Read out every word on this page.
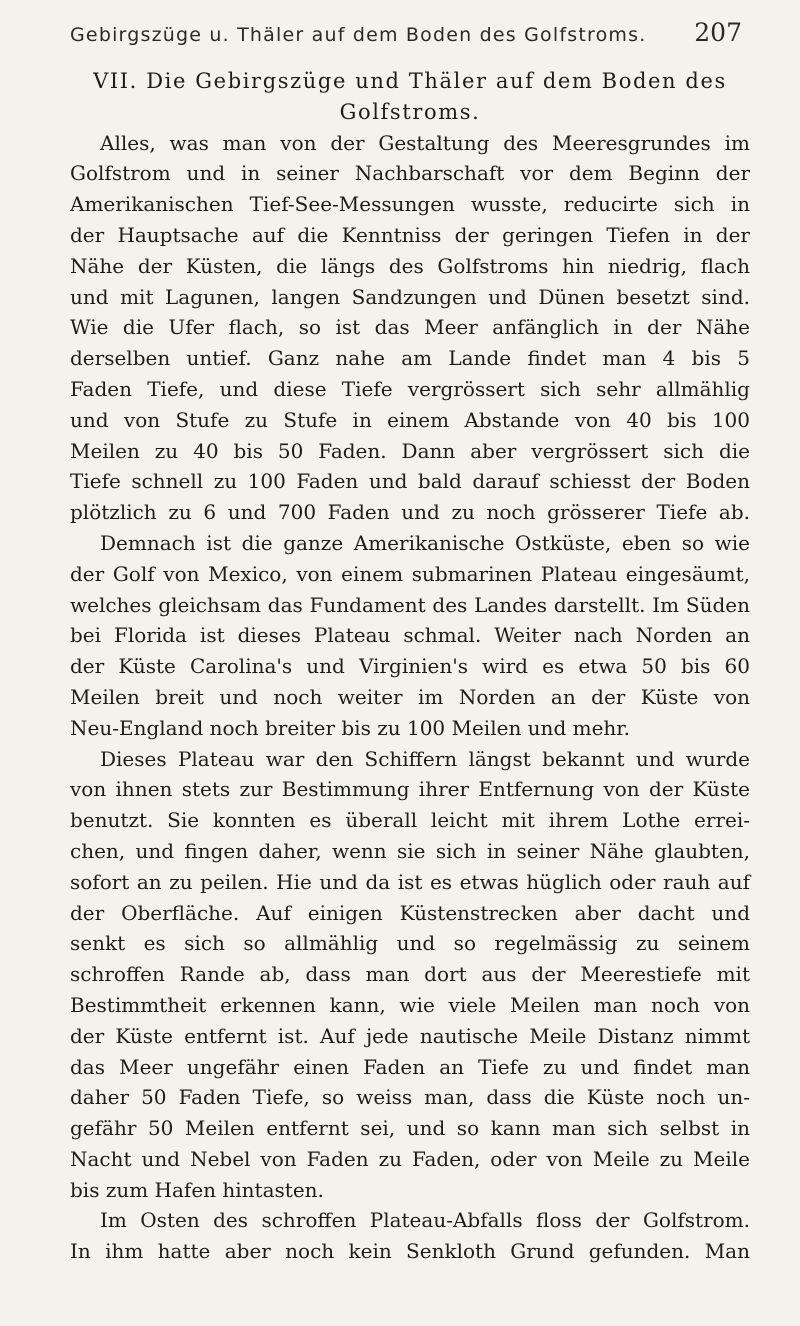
Gebirgszüge u. Thäler auf dem Boden des Golfstroms. 207
VII. Die Gebirgszüge und Thäler auf dem Boden des
Golfstroms.

Alles, was man von der Gestaltung des Meeresgrundes im

Golfstrom und in seiner Nachbarschaft vor dem Beginn der

Amerikanischen Tief-See-Messungen wusste, reducirte sich in

der Hauptsache auf die Kenntniss der geringen Tiefen in der

Nähe der Küsten, die längs des Golfstroms hin niedrig, flach

und mit Lagunen, langen Sandzungen und Dünen besetzt sind.

Wie die Ufer flach, so ist das Meer anfänglich in der Nähe

derselben untief. Ganz nahe am Lande findet man 4 bis 5

Faden Tiefe, und diese Tiefe vergrössert sich sehr allmählig

und von Stufe zu Stufe in einem Abstande von 40 bis 100

Meilen zu 40 bis 50 Faden. Dann aber vergrössert sich die

Tiefe schnell zu 100 Faden und bald darauf schiesst der Boden

plötzlich zu 6 und 700 Faden und zu noch grösserer Tiefe ab.

Demnach ist die ganze Amerikanische Ostküste, eben so wie

der Golf von Mexico, von einem submarinen Plateau eingesäumt,

welches gleichsam das Fundament des Landes darstellt. Im Süden

bei Florida ist dieses Plateau schmal. Weiter nach Norden an

der Küste Carolina's und Virginien's wird es etwa 50 bis 60

Meilen breit und noch weiter im Norden an der Küste von

Neu-England noch breiter bis zu 100 Meilen und mehr.

Dieses Plateau war den Schiffern längst bekannt und wurde

von ihnen stets zur Bestimmung ihrer Entfernung von der Küste

benutzt. Sie konnten es überall leicht mit ihrem Lothe errei-

chen, und fingen daher, wenn sie sich in seiner Nähe glaubten,

sofort an zu peilen. Hie und da ist es etwas hüglich oder rauh auf

der Oberfläche. Auf einigen Küstenstrecken aber dacht und

senkt es sich so allmählig und so regelmässig zu seinem

schroffen Rande ab, dass man dort aus der Meerestiefe mit

Bestimmtheit erkennen kann, wie viele Meilen man noch von

der Küste entfernt ist. Auf jede nautische Meile Distanz nimmt

das Meer ungefähr einen Faden an Tiefe zu und findet man

daher 50 Faden Tiefe, so weiss man, dass die Küste noch un-

gefähr 50 Meilen entfernt sei, und so kann man sich selbst in

Nacht und Nebel von Faden zu Faden, oder von Meile zu Meile

bis zum Hafen hintasten.

Im Osten des schroffen Plateau-Abfalls floss der Golfstrom.

In ihm hatte aber noch kein Senkloth Grund gefunden. Man
